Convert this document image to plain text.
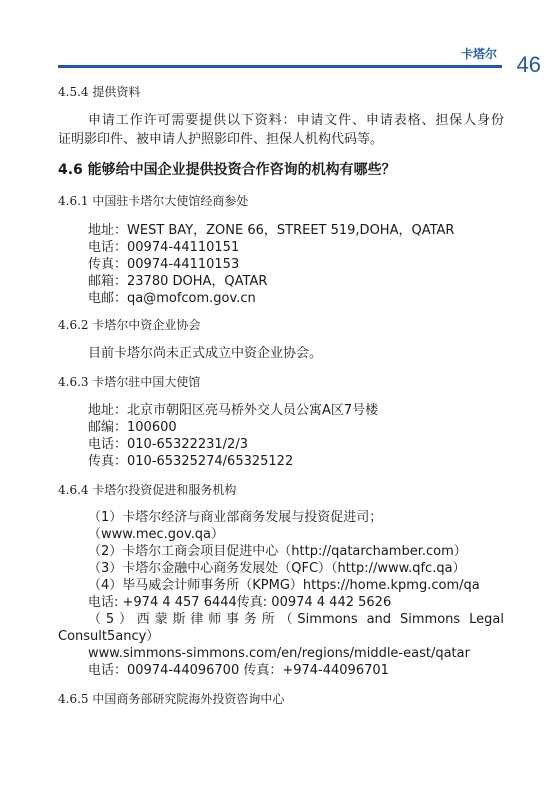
卡塔尔 46
4.5.4 提供资料
申请工作许可需要提供以下资料：申请文件、申请表格、担保人身份
证明影印件、被申请人护照影印件、担保人机构代码等。
4.6 能够给中国企业提供投资合作咨询的机构有哪些？
4.6.1 中国驻卡塔尔大使馆经商参处
地址：WEST BAY，ZONE 66，STREET 519,DOHA，QATAR
电话：00974-44110151
传真：00974-44110153
邮箱：23780 DOHA，QATAR
电邮：qa@mofcom.gov.cn
4.6.2 卡塔尔中资企业协会
目前卡塔尔尚未正式成立中资企业协会。
4.6.3 卡塔尔驻中国大使馆
地址：北京市朝阳区亮马桥外交人员公寓A区7号楼
邮编：100600
电话：010-65322231/2/3
传真：010-65325274/65325122
4.6.4 卡塔尔投资促进和服务机构
（1）卡塔尔经济与商业部商务发展与投资促进司；
（www.mec.gov.qa）
（2）卡塔尔工商会项目促进中心（http://qatarchamber.com）
（3）卡塔尔金融中心商务发展处（QFC）（http://www.qfc.qa）
（4）毕马威会计师事务所（KPMG）https://home.kpmg.com/qa
电话: +974 4 457 6444传真: 00974 4 442 5626
（5）西蒙斯律师事务所（Simmons and Simmons Legal
Consult5ancy）
www.simmons-simmons.com/en/regions/middle-east/qatar
电话：00974-44096700 传真：+974-44096701
4.6.5 中国商务部研究院海外投资咨询中心
